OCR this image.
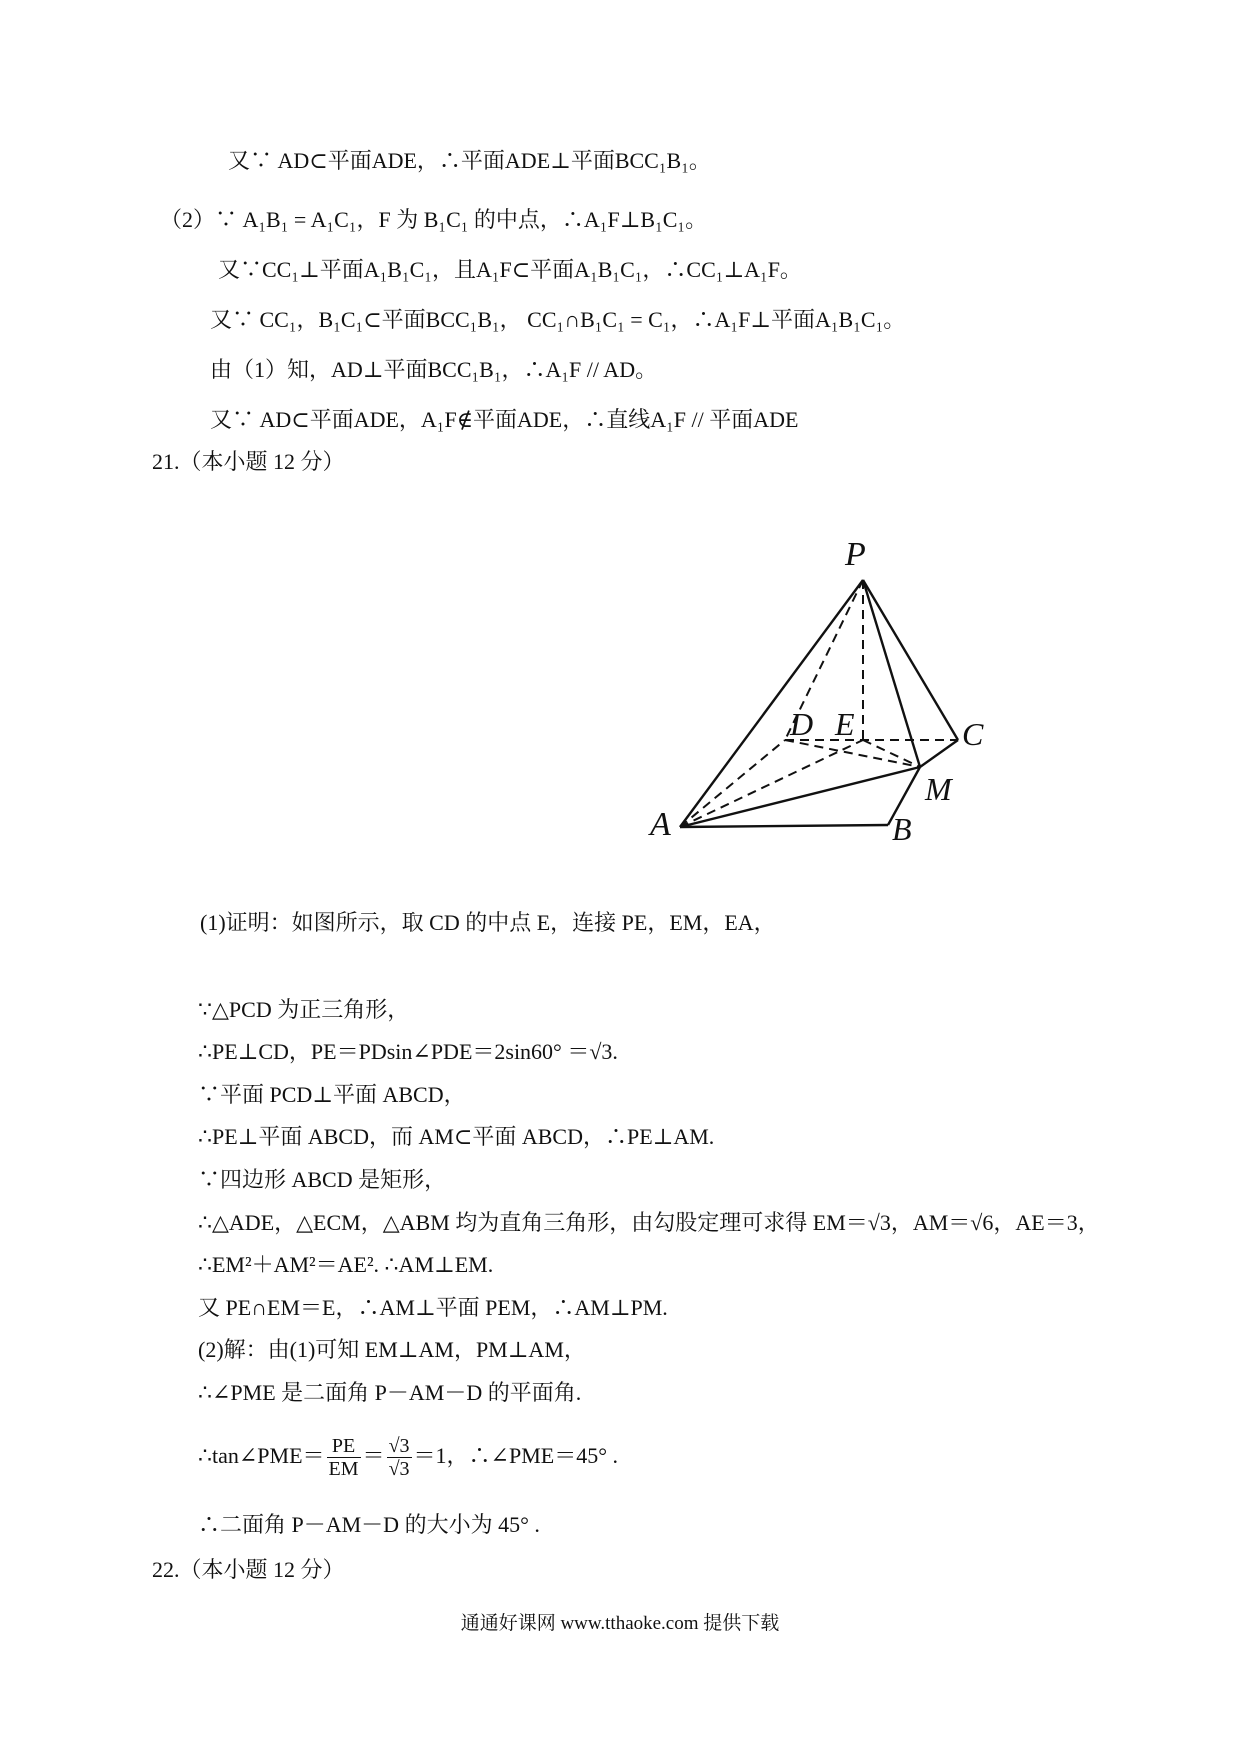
又∵ AD⊂平面ADE，∴平面ADE⊥平面BCC₁B₁。
（2）∵ A₁B₁ = A₁C₁，F 为 B₁C₁ 的中点，∴A₁F⊥B₁C₁。
又∵CC₁⊥平面A₁B₁C₁，且A₁F⊂平面A₁B₁C₁，∴CC₁⊥A₁F。
又∵ CC₁，B₁C₁⊂平面BCC₁B₁， CC₁∩B₁C₁ = C₁，∴A₁F⊥平面A₁B₁C₁。
由（1）知，AD⊥平面BCC₁B₁，∴A₁F // AD。
又∵ AD⊂平面ADE，A₁F∉平面ADE，∴直线A₁F // 平面ADE
21.（本小题 12 分）
P
D E	C
M
A	B
(1)证明：如图所示，取 CD 的中点 E，连接 PE，EM，EA，
∵△PCD 为正三角形，
∴PE⊥CD，PE＝PDsin∠PDE＝2sin60° ＝√3.
∵平面 PCD⊥平面 ABCD，
∴PE⊥平面 ABCD，而 AM⊂平面 ABCD，∴PE⊥AM.
∵四边形 ABCD 是矩形，
∴△ADE，△ECM，△ABM 均为直角三角形，由勾股定理可求得 EM＝√3，AM＝√6，AE＝3，
∴EM²＋AM²＝AE². ∴AM⊥EM.
又 PE∩EM＝E，∴AM⊥平面 PEM，∴AM⊥PM.
(2)解：由(1)可知 EM⊥AM，PM⊥AM，
∴∠PME 是二面角 P－AM－D 的平面角.
∴tan∠PME＝ $\frac{PE}{EM} = \frac{√3}{√3} =1$，∴∠PME＝45° .
∴二面角 P－AM－D 的大小为 45° .
22.（本小题 12 分）
通通好课网 www.tthaoke.com 提供下载
